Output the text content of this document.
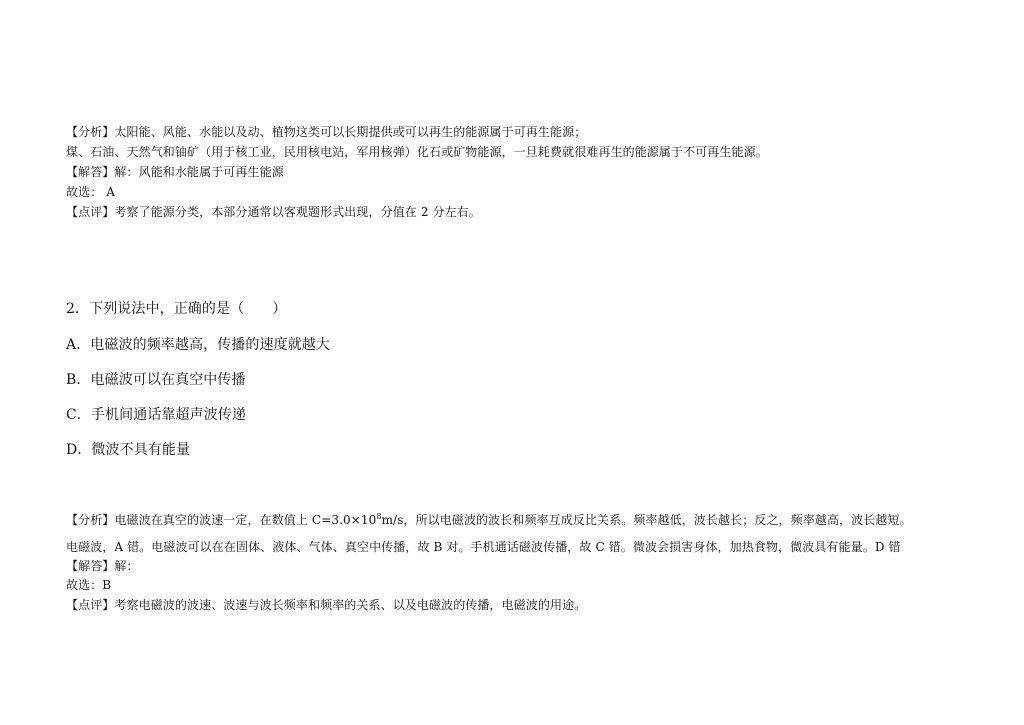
【分析】太阳能、风能、水能以及动、植物这类可以长期提供或可以再生的能源属于可再生能源；
煤、石油、天然气和铀矿（用于核工业，民用核电站，军用核弹）化石或矿物能源，一旦耗费就很难再生的能源属于不可再生能源。
【解答】解：风能和水能属于可再生能源
故选： A
【点评】考察了能源分类，本部分通常以客观题形式出现，分值在 2 分左右。
2．下列说法中，正确的是（　　）
A．电磁波的频率越高，传播的速度就越大
B．电磁波可以在真空中传播
C．手机间通话靠超声波传递
D．微波不具有能量
【分析】电磁波在真空的波速一定，在数值上 $C=3.0\times 10^8m/s$，所以电磁波的波长和频率互成反比关系。频率越低，波长越长；反之，频率越高，波长越短。
电磁波，A 错。电磁波可以在在固体、液体、气体、真空中传播，故 B 对。手机通话磁波传播，故 C 错。微波会损害身体，加热食物，微波具有能量。D 错
【解答】解：
故选：B
【点评】考察电磁波的波速、波速与波长频率和频率的关系、以及电磁波的传播，电磁波的用途。
